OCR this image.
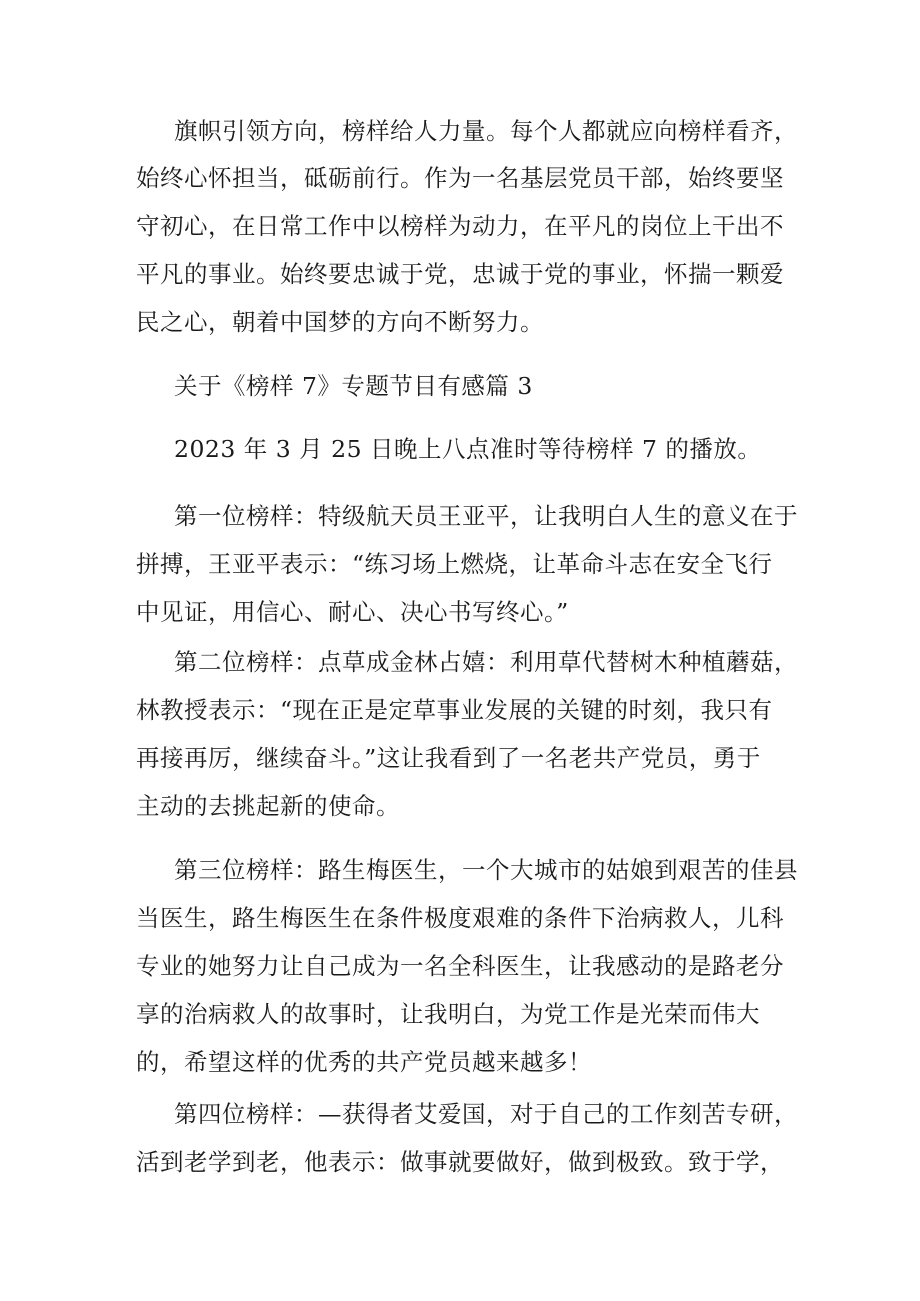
旗帜引领方向，榜样给人力量。每个人都就应向榜样看齐，
始终心怀担当，砥砺前行。作为一名基层党员干部，始终要坚
守初心，在日常工作中以榜样为动力，在平凡的岗位上干出不
平凡的事业。始终要忠诚于党，忠诚于党的事业，怀揣一颗爱
民之心，朝着中国梦的方向不断努力。
关于《榜样 7》专题节目有感篇 3
2023 年 3 月 25 日晚上八点准时等待榜样 7 的播放。
第一位榜样：特级航天员王亚平，让我明白人生的意义在于
拼搏，王亚平表示：“练习场上燃烧，让革命斗志在安全飞行
中见证，用信心、耐心、决心书写终心。”
第二位榜样：点草成金林占嬉：利用草代替树木种植蘑菇，
林教授表示：“现在正是定草事业发展的关键的时刻，我只有
再接再厉，继续奋斗。”这让我看到了一名老共产党员，勇于
主动的去挑起新的使命。
第三位榜样：路生梅医生，一个大城市的姑娘到艰苦的佳县
当医生，路生梅医生在条件极度艰难的条件下治病救人，儿科
专业的她努力让自己成为一名全科医生，让我感动的是路老分
享的治病救人的故事时，让我明白，为党工作是光荣而伟大
的，希望这样的优秀的共产党员越来越多！
第四位榜样：—获得者艾爱国，对于自己的工作刻苦专研，
活到老学到老，他表示：做事就要做好，做到极致。致于学，
